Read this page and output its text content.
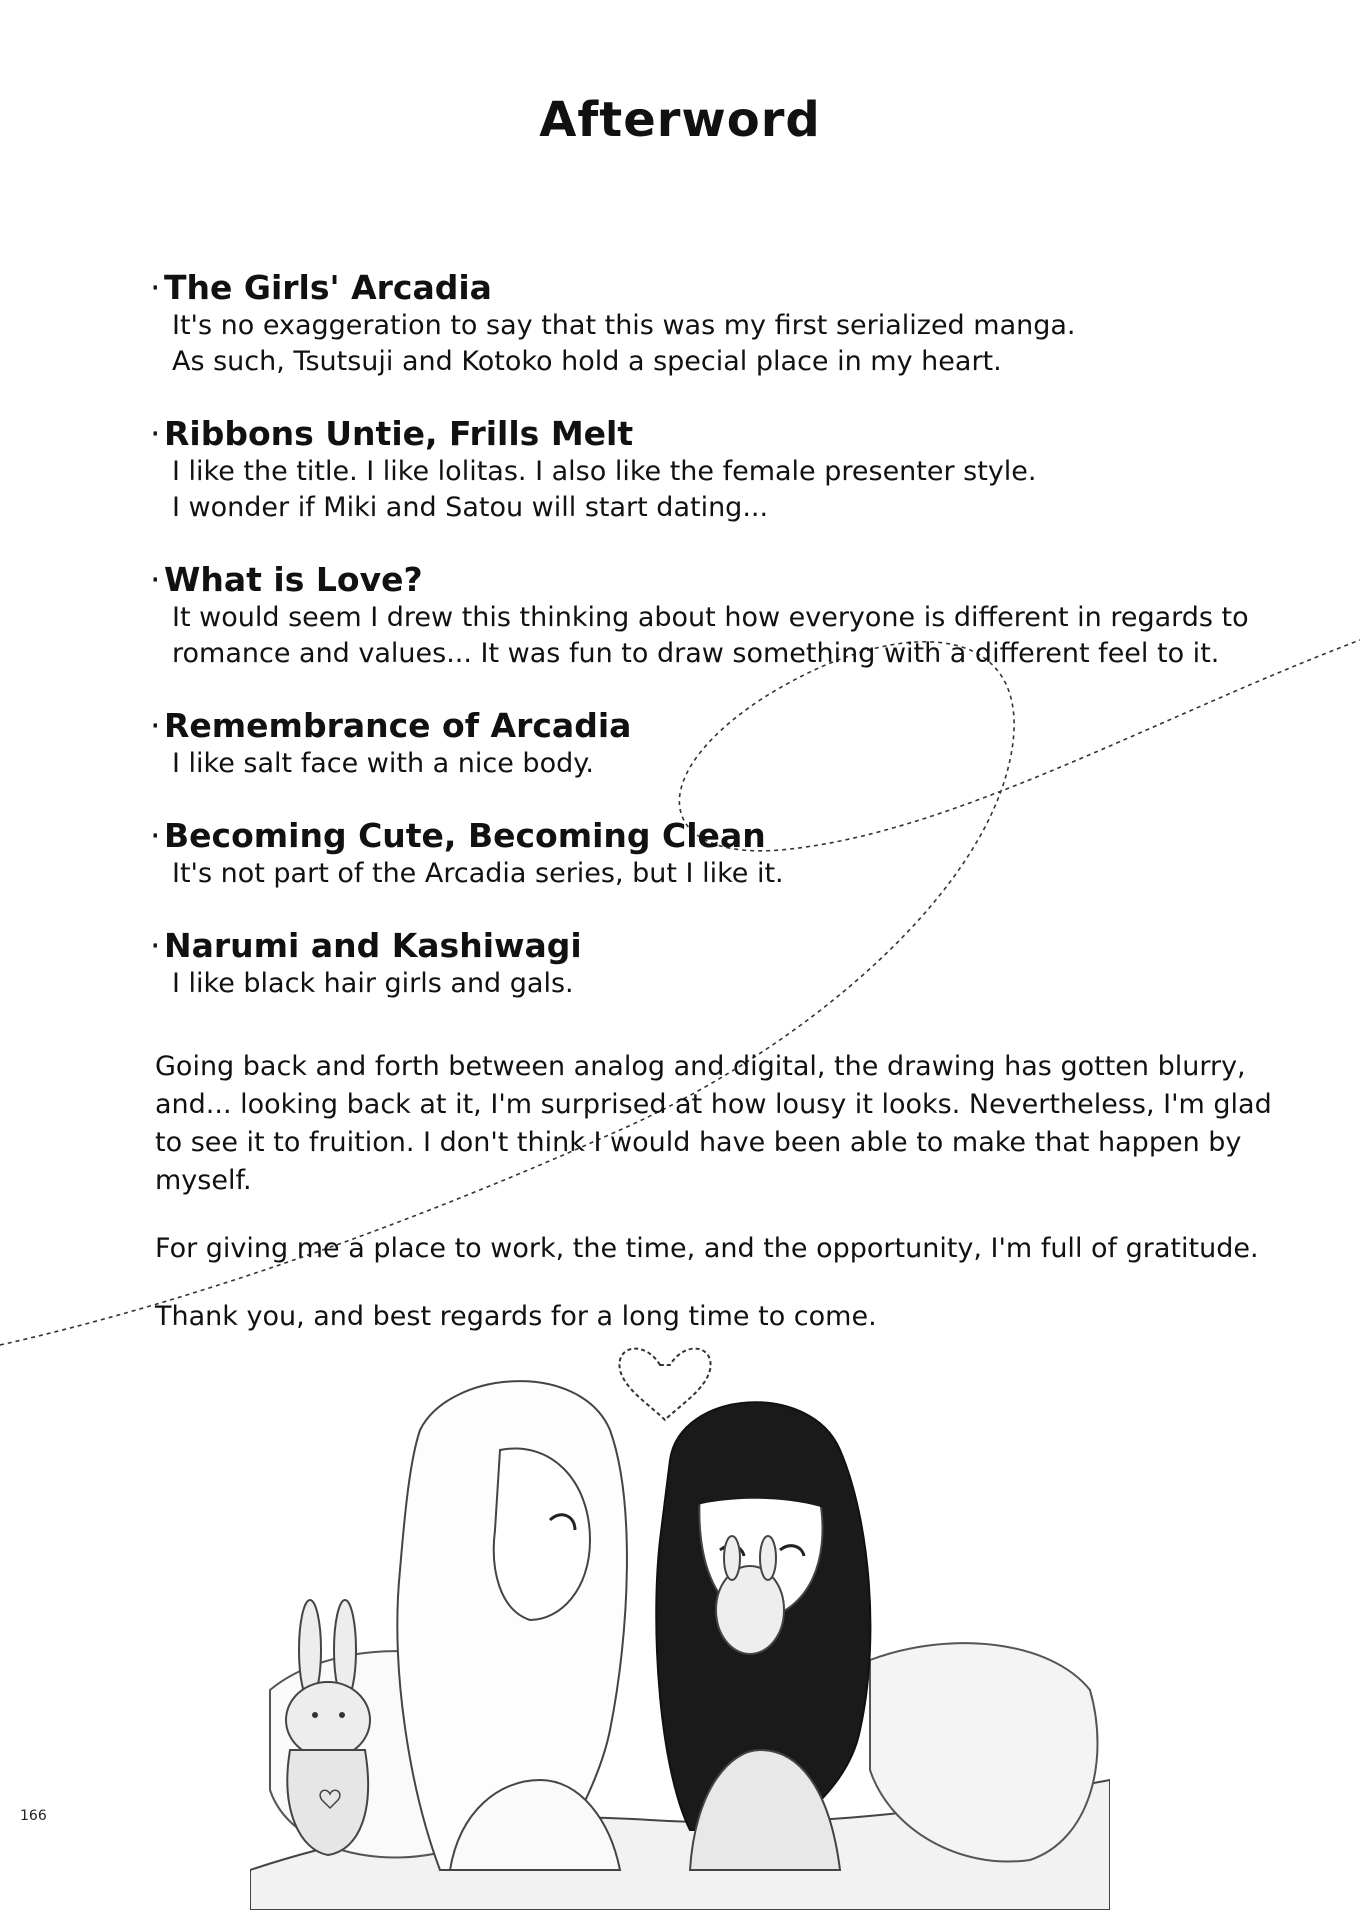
Afterword
· The Girls' Arcadia

It's no exaggeration to say that this was my first serialized manga.

As such, Tsutsuji and Kotoko hold a special place in my heart.

· Ribbons Untie, Frills Melt

I like the title. I like lolitas. I also like the female presenter style.

I wonder if Miki and Satou will start dating...

· What is Love?

It would seem I drew this thinking about how everyone is different in regards to

romance and values... It was fun to draw something with a different feel to it.

· Remembrance of Arcadia

I like salt face with a nice body.

· Becoming Cute, Becoming Clean

It's not part of the Arcadia series, but I like it.

· Narumi and Kashiwagi

I like black hair girls and gals.

Going back and forth between analog and digital, the drawing has gotten blurry, and... looking back at it, I'm surprised at how lousy it looks. Nevertheless, I'm glad to see it to fruition. I don't think I would have been able to make that happen by myself.

For giving me a place to work, the time, and the opportunity, I'm full of gratitude.

Thank you, and best regards for a long time to come.

166
